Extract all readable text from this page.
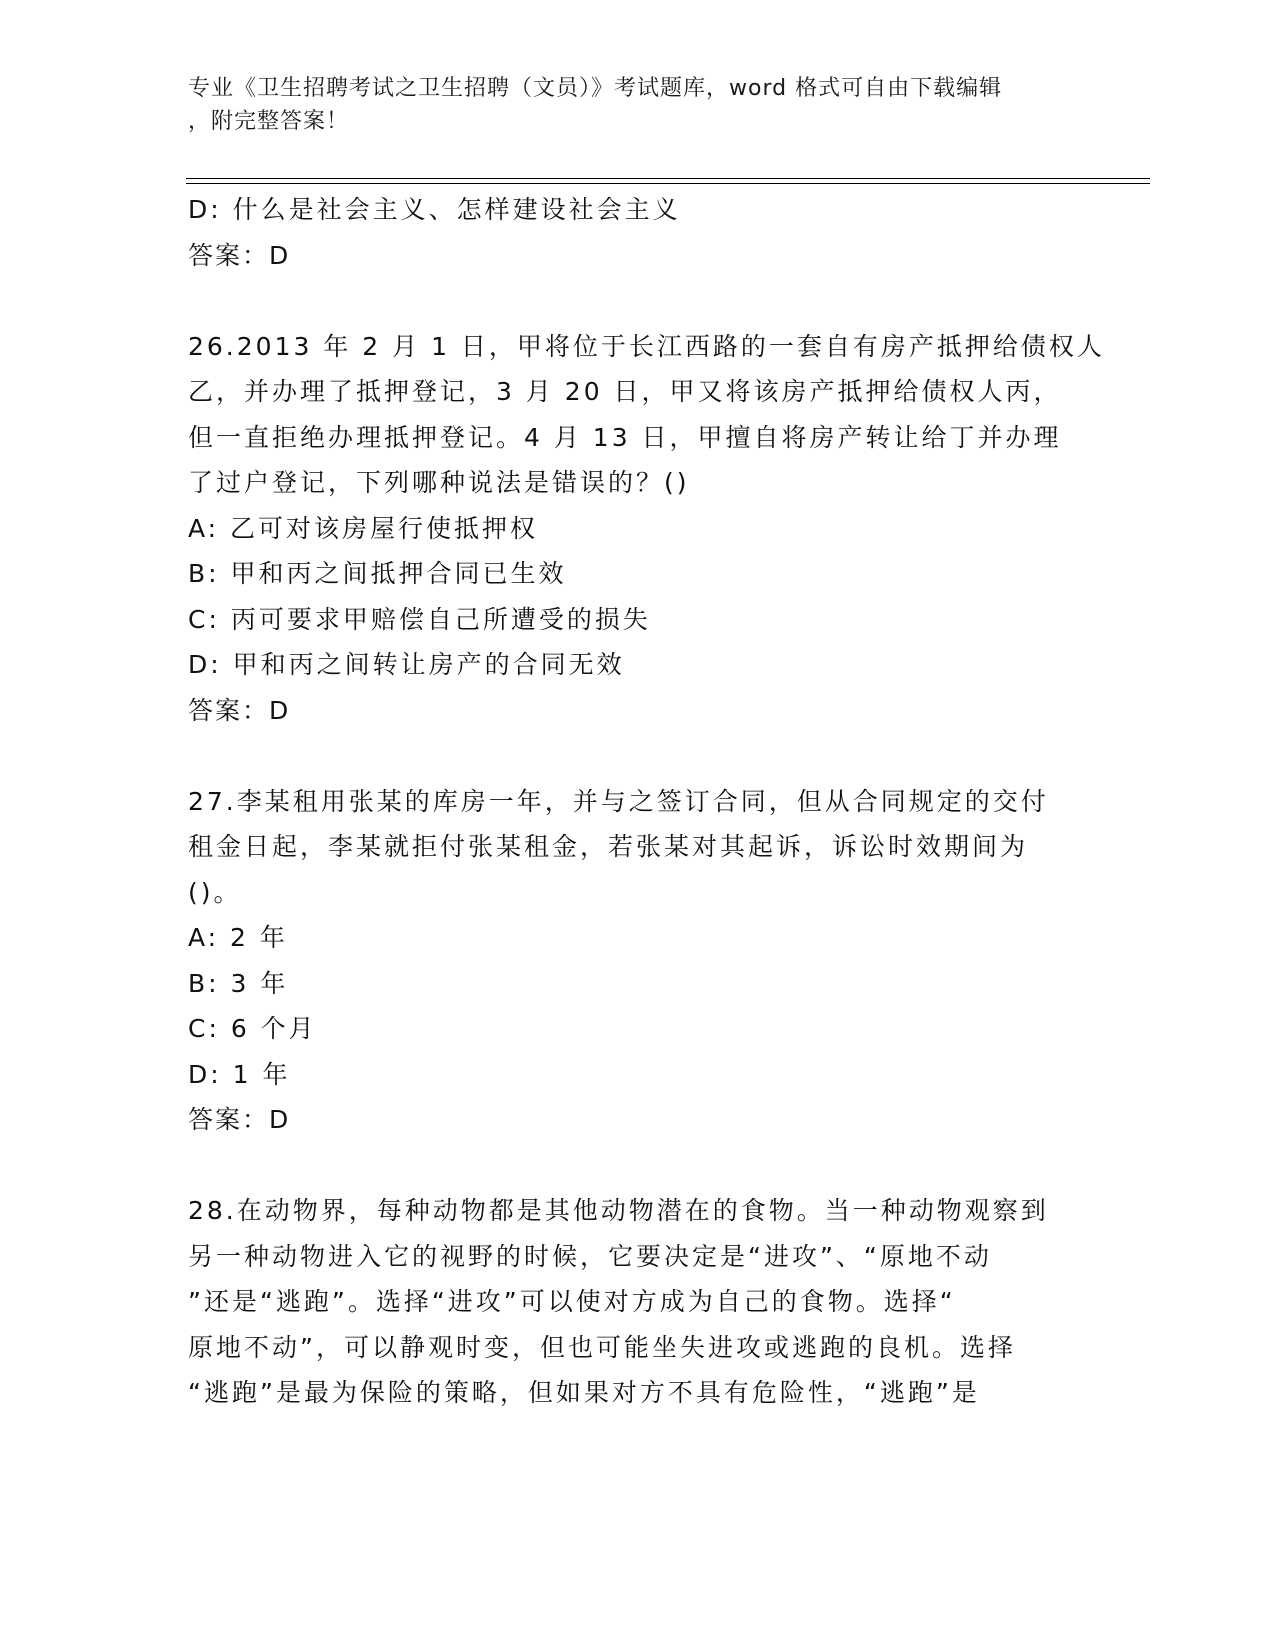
专业《卫生招聘考试之卫生招聘（文员）》考试题库，word 格式可自由下载编辑
，附完整答案！
D: 什么是社会主义、怎样建设社会主义
答案：D
26.2013 年 2 月 1 日，甲将位于长江西路的一套自有房产抵押给债权人
乙，并办理了抵押登记，3 月 20 日，甲又将该房产抵押给债权人丙，
但一直拒绝办理抵押登记。4 月 13 日，甲擅自将房产转让给丁并办理
了过户登记，下列哪种说法是错误的？()
A: 乙可对该房屋行使抵押权
B: 甲和丙之间抵押合同已生效
C: 丙可要求甲赔偿自己所遭受的损失
D: 甲和丙之间转让房产的合同无效
答案：D
27.李某租用张某的库房一年，并与之签订合同，但从合同规定的交付
租金日起，李某就拒付张某租金，若张某对其起诉，诉讼时效期间为
()。
A: 2 年
B: 3 年
C: 6 个月
D: 1 年
答案：D
28.在动物界，每种动物都是其他动物潜在的食物。当一种动物观察到
另一种动物进入它的视野的时候，它要决定是“进攻”、“原地不动
”还是“逃跑”。选择“进攻”可以使对方成为自己的食物。选择“
原地不动”，可以静观时变，但也可能坐失进攻或逃跑的良机。选择
“逃跑”是最为保险的策略，但如果对方不具有危险性，“逃跑”是
